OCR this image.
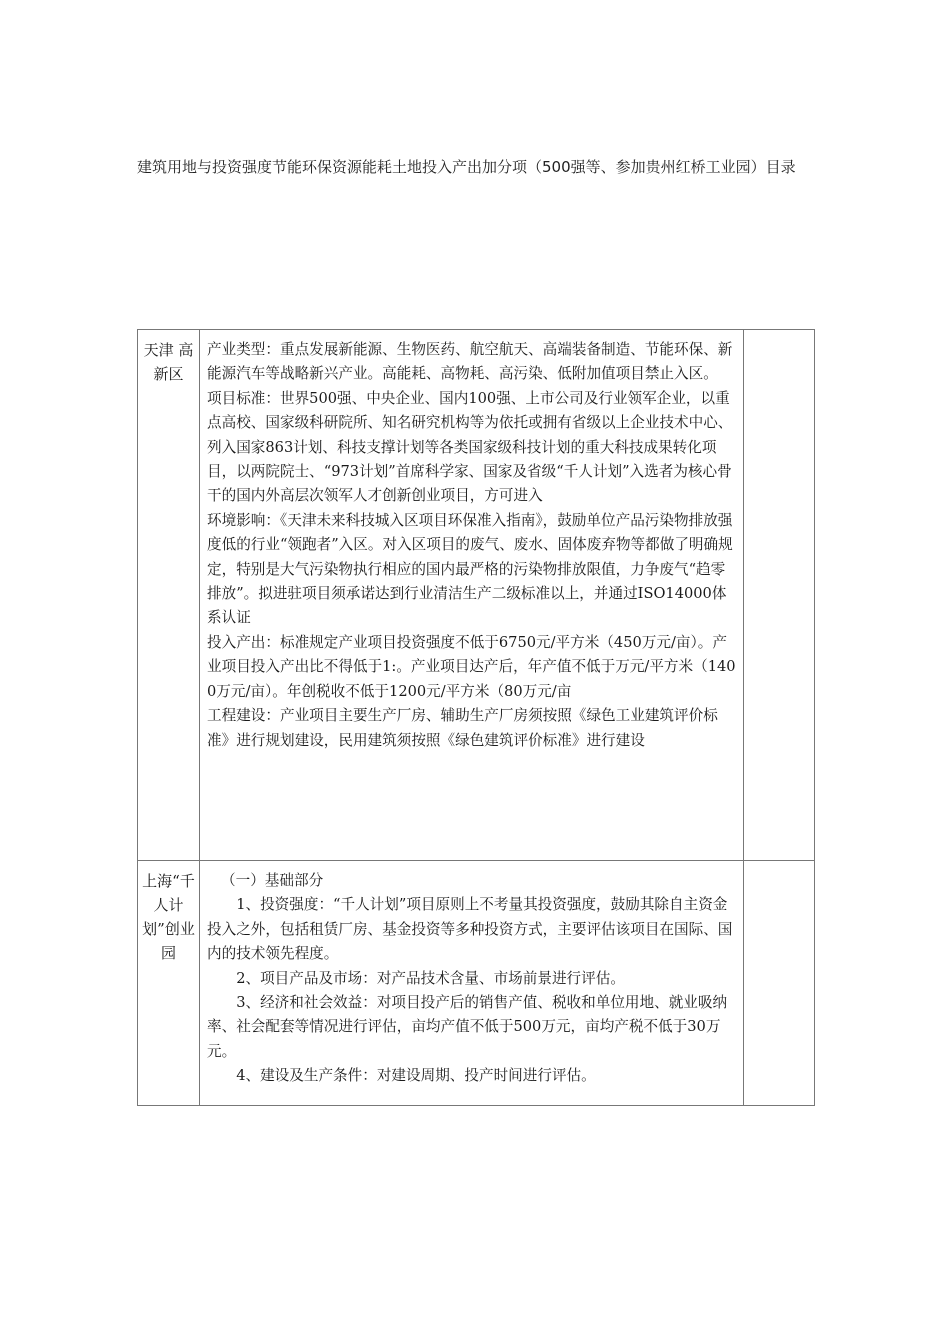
建筑用地与投资强度节能环保资源能耗土地投入产出加分项（500强等、参加贵州红桥工业园）目录
天津 高新区	产业类型：重点发展新能源、生物医药、航空航天、高端装备制造、节能环保、新能源汽车等战略新兴产业。高能耗、高物耗、高污染、低附加值项目禁止入区。

项目标准：世界500强、中央企业、国内100强、上市公司及行业领军企业，以重点高校、国家级科研院所、知名研究机构等为依托或拥有省级以上企业技术中心、列入国家863计划、科技支撑计划等各类国家级科技计划的重大科技成果转化项目，以两院院士、“973计划”首席科学家、国家及省级“千人计划”入选者为核心骨干的国内外高层次领军人才创新创业项目，方可进入

环境影响：《天津未来科技城入区项目环保准入指南》，鼓励单位产品污染物排放强度低的行业“领跑者”入区。对入区项目的废气、废水、固体废弃物等都做了明确规定，特别是大气污染物执行相应的国内最严格的污染物排放限值，力争废气“趋零排放”。拟进驻项目须承诺达到行业清洁生产二级标准以上，并通过ISO14000体系认证

投入产出：标准规定产业项目投资强度不低于6750元/平方米（450万元/亩）。产业项目投入产出比不得低于1:。产业项目达产后，年产值不低于万元/平方米（1400万元/亩）。年创税收不低于1200元/平方米（80万元/亩

工程建设：产业项目主要生产厂房、辅助生产厂房须按照《绿色工业建筑评价标准》进行规划建设，民用建筑须按照《绿色建筑评价标准》进行建设	

上海“千人计划”创业园	（一）基础部分

1、投资强度：“千人计划”项目原则上不考量其投资强度，鼓励其除自主资金投入之外，包括租赁厂房、基金投资等多种投资方式，主要评估该项目在国际、国内的技术领先程度。

2、项目产品及市场：对产品技术含量、市场前景进行评估。

3、经济和社会效益：对项目投产后的销售产值、税收和单位用地、就业吸纳率、社会配套等情况进行评估，亩均产值不低于500万元，亩均产税不低于30万元。

4、建设及生产条件：对建设周期、投产时间进行评估。	
